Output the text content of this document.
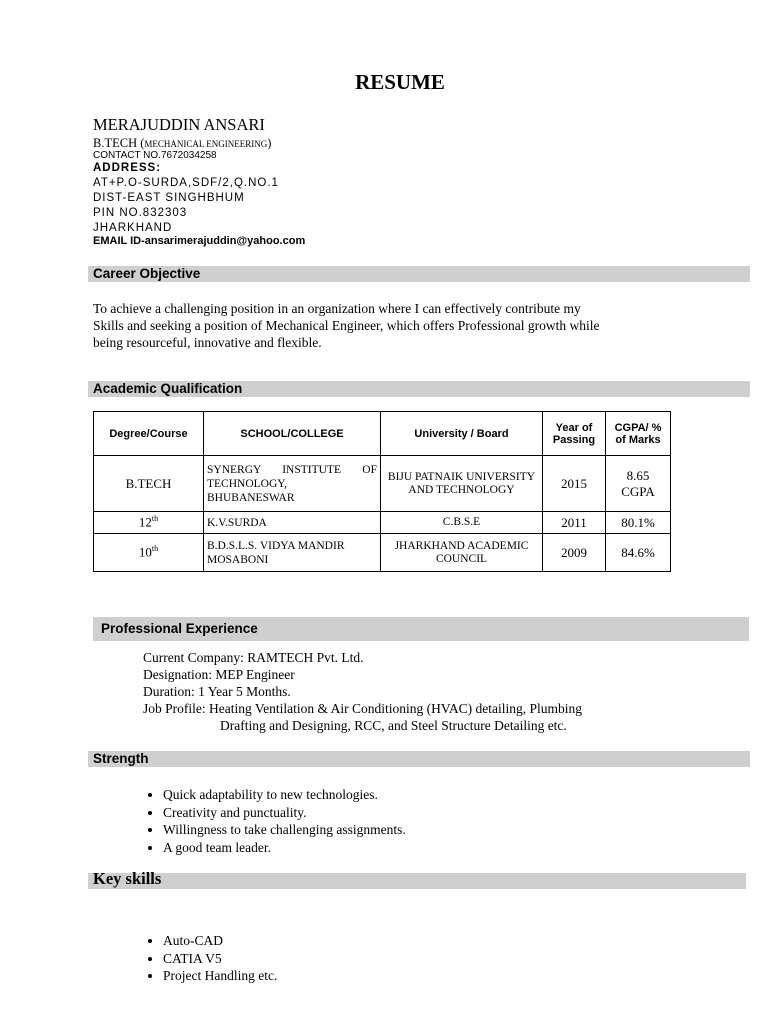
RESUME
MERAJUDDIN ANSARI
B.TECH (MECHANICAL ENGINEERING)
CONTACT NO.7672034258
ADDRESS:
AT+P.O-SURDA,SDF/2,Q.NO.1
DIST-EAST SINGHBHUM
PIN NO.832303
JHARKHAND
EMAIL ID-ansarimerajuddin@yahoo.com
Career Objective
To achieve a challenging position in an organization where I can effectively contribute my
Skills and seeking a position of Mechanical Engineer, which offers Professional growth while
being resourceful, innovative and flexible.
Academic Qualification
Degree/Course	SCHOOL/COLLEGE	University / Board	Year of Passing	CGPA/ % of Marks
B.TECH	SYNERGY INSTITUTE OF TECHNOLOGY, BHUBANESWAR	BIJU PATNAIK UNIVERSITY AND TECHNOLOGY	2015	8.65 CGPA
12th	K.V.SURDA	C.B.S.E	2011	80.1%
10th	B.D.S.L.S. VIDYA MANDIR MOSABONI	JHARKHAND ACADEMIC COUNCIL	2009	84.6%
Professional Experience
Current Company: RAMTECH Pvt. Ltd.
Designation: MEP Engineer
Duration: 1 Year 5 Months.
Job Profile: Heating Ventilation & Air Conditioning (HVAC) detailing, Plumbing
Drafting and Designing, RCC, and Steel Structure Detailing etc.
Strength
• Quick adaptability to new technologies.
• Creativity and punctuality.
• Willingness to take challenging assignments.
• A good team leader.
Key skills
• Auto-CAD
• CATIA V5
• Project Handling etc.
